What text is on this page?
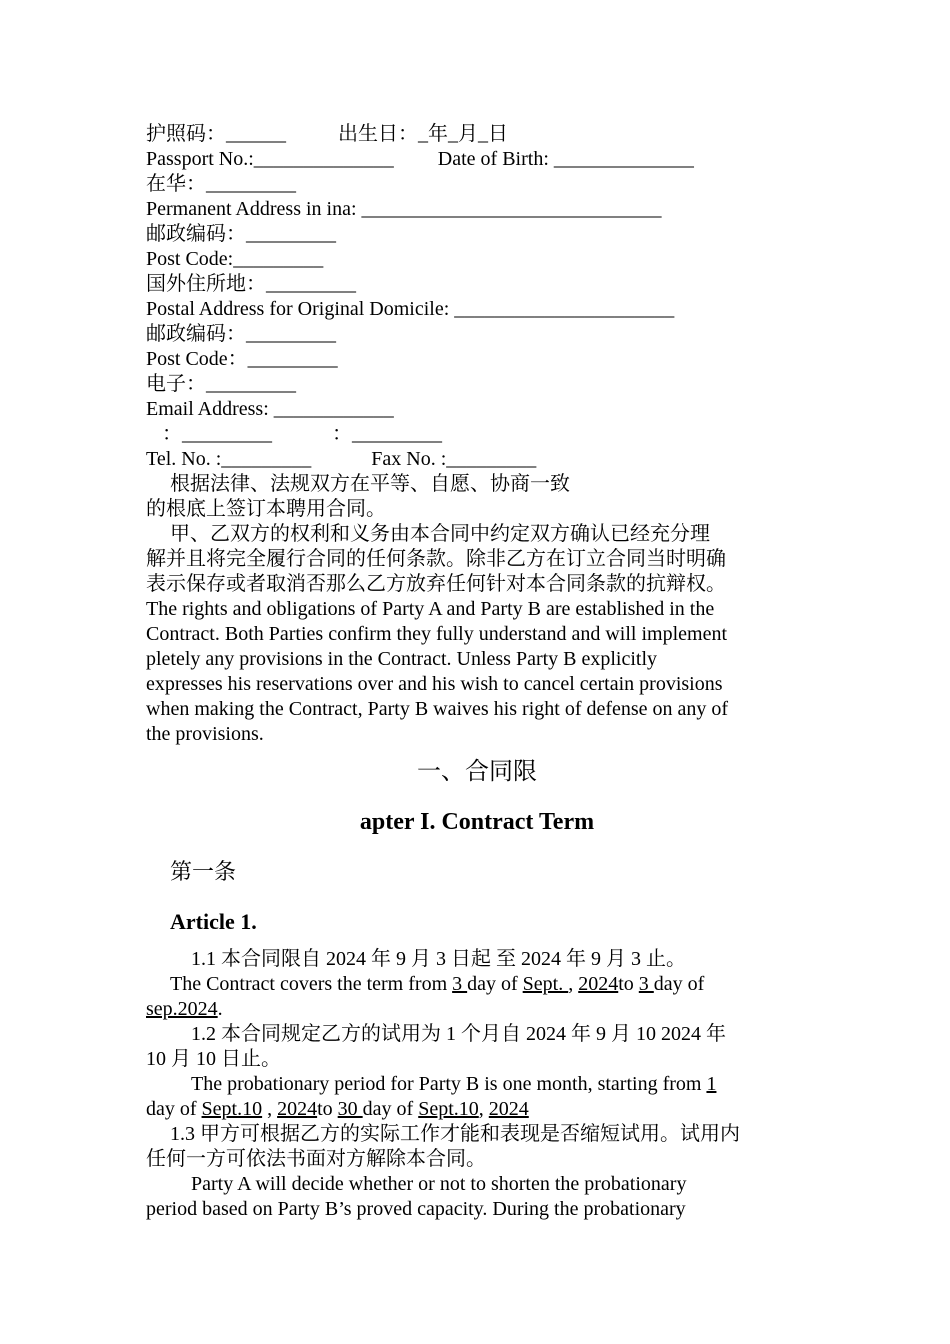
护照码：______	出生日：_年_月_日
Passport No.:______________ Date of Birth: ______________
在华：_________
Permanent Address in ina: ______________________________
邮政编码：_________
Post Code:_________
国外住所地：_________
Postal Address for Original Domicile: ______________________
邮政编码：_________
Post Code：_________
电子：_________
Email Address: ____________
：_________	：_________
Tel. No. :_________	Fax No. :_________
根据法律、法规双方在平等、自愿、协商一致
的根底上签订本聘用合同。
甲、乙双方的权利和义务由本合同中约定双方确认已经充分理
解并且将完全履行合同的任何条款。除非乙方在订立合同当时明确
表示保存或者取消否那么乙方放弃任何针对本合同条款的抗辩权。
The rights and obligations of Party A and Party B are established in the
Contract. Both Parties confirm they fully understand and will implement
pletely any provisions in the Contract. Unless Party B explicitly
expresses his reservations over and his wish to cancel certain provisions
when making the Contract, Party B waives his right of defense on any of
the provisions.
一、合同限
apter I. Contract Term
第一条
Article 1.
1.1 本合同限自 2024 年 9 月 3 日起 至 2024 年 9 月 3 止。
The Contract covers the term from 3 day of Sept. , 2024to 3 day of
sep.2024.
1.2 本合同规定乙方的试用为 1 个月自 2024 年 9 月 10 2024 年
10 月 10 日止。
The probationary period for Party B is one month, starting from 1
day of Sept.10 , 2024to 30 day of Sept.10, 2024
1.3 甲方可根据乙方的实际工作才能和表现是否缩短试用。试用内
任何一方可依法书面对方解除本合同。
Party A will decide whether or not to shorten the probationary
period based on Party B’s proved capacity. During the probationary
